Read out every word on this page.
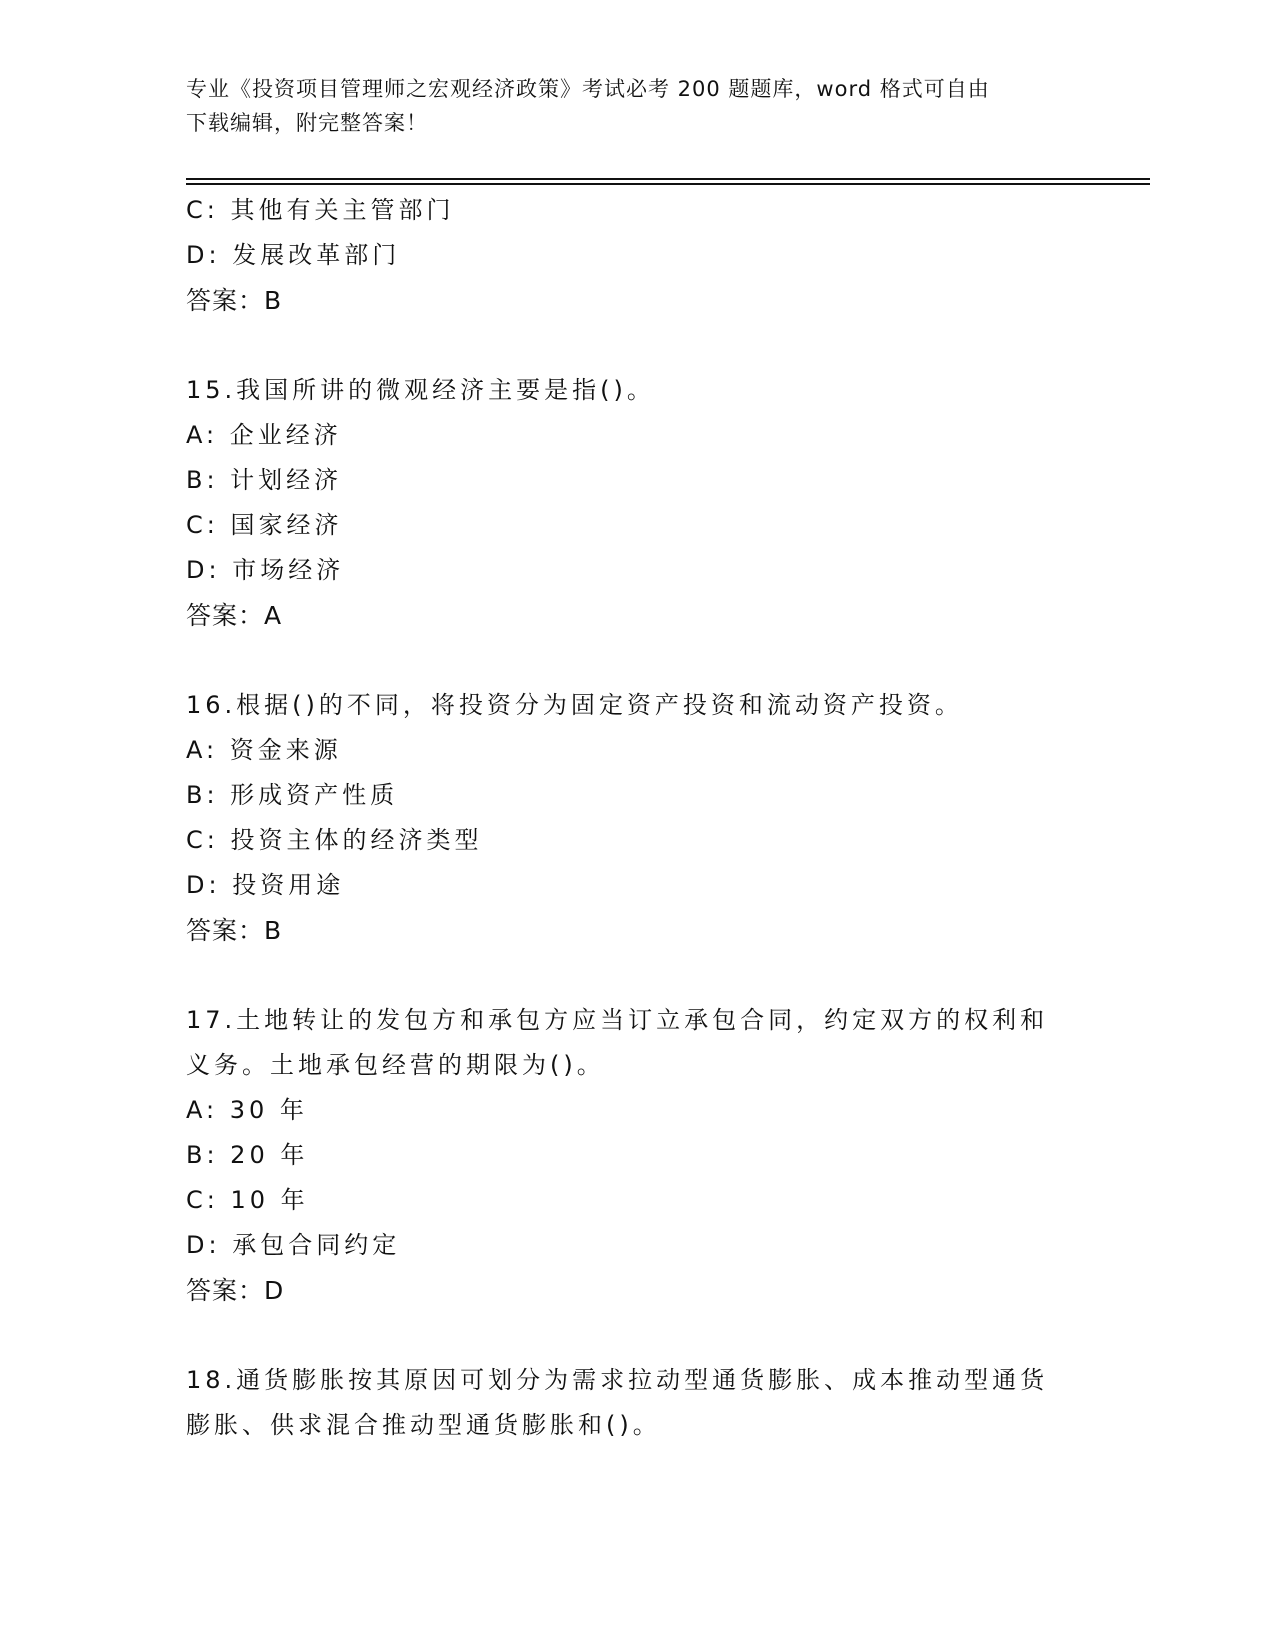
专业《投资项目管理师之宏观经济政策》考试必考 200 题题库，word 格式可自由
下载编辑，附完整答案！
C: 其他有关主管部门
D: 发展改革部门
答案：B
15.我国所讲的微观经济主要是指()。
A: 企业经济
B: 计划经济
C: 国家经济
D: 市场经济
答案：A
16.根据()的不同，将投资分为固定资产投资和流动资产投资。
A: 资金来源
B: 形成资产性质
C: 投资主体的经济类型
D: 投资用途
答案：B
17.土地转让的发包方和承包方应当订立承包合同，约定双方的权利和
义务。土地承包经营的期限为()。
A: 30 年
B: 20 年
C: 10 年
D: 承包合同约定
答案：D
18.通货膨胀按其原因可划分为需求拉动型通货膨胀、成本推动型通货
膨胀、供求混合推动型通货膨胀和()。
